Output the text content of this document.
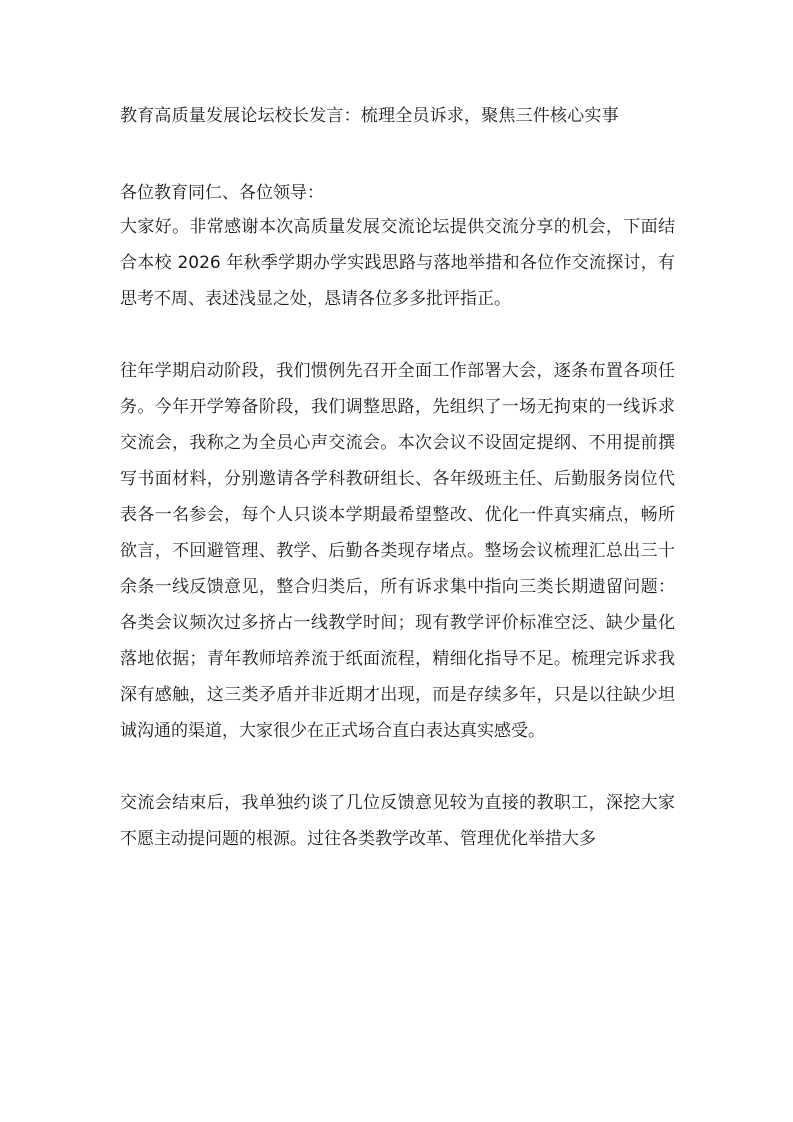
教育高质量发展论坛校长发言：梳理全员诉求，聚焦三件核心实事

各位教育同仁、各位领导：

大家好。非常感谢本次高质量发展交流论坛提供交流分享的机会，下面结合本校 2026 年秋季学期办学实践思路与落地举措和各位作交流探讨，有思考不周、表述浅显之处，恳请各位多多批评指正。

往年学期启动阶段，我们惯例先召开全面工作部署大会，逐条布置各项任务。今年开学筹备阶段，我们调整思路，先组织了一场无拘束的一线诉求交流会，我称之为全员心声交流会。本次会议不设固定提纲、不用提前撰写书面材料，分别邀请各学科教研组长、各年级班主任、后勤服务岗位代表各一名参会，每个人只谈本学期最希望整改、优化一件真实痛点，畅所欲言，不回避管理、教学、后勤各类现存堵点。整场会议梳理汇总出三十余条一线反馈意见，整合归类后，所有诉求集中指向三类长期遗留问题：各类会议频次过多挤占一线教学时间；现有教学评价标准空泛、缺少量化落地依据；青年教师培养流于纸面流程，精细化指导不足。梳理完诉求我深有感触，这三类矛盾并非近期才出现，而是存续多年，只是以往缺少坦诚沟通的渠道，大家很少在正式场合直白表达真实感受。

交流会结束后，我单独约谈了几位反馈意见较为直接的教职工，深挖大家不愿主动提问题的根源。过往各类教学改革、管理优化举措大多
